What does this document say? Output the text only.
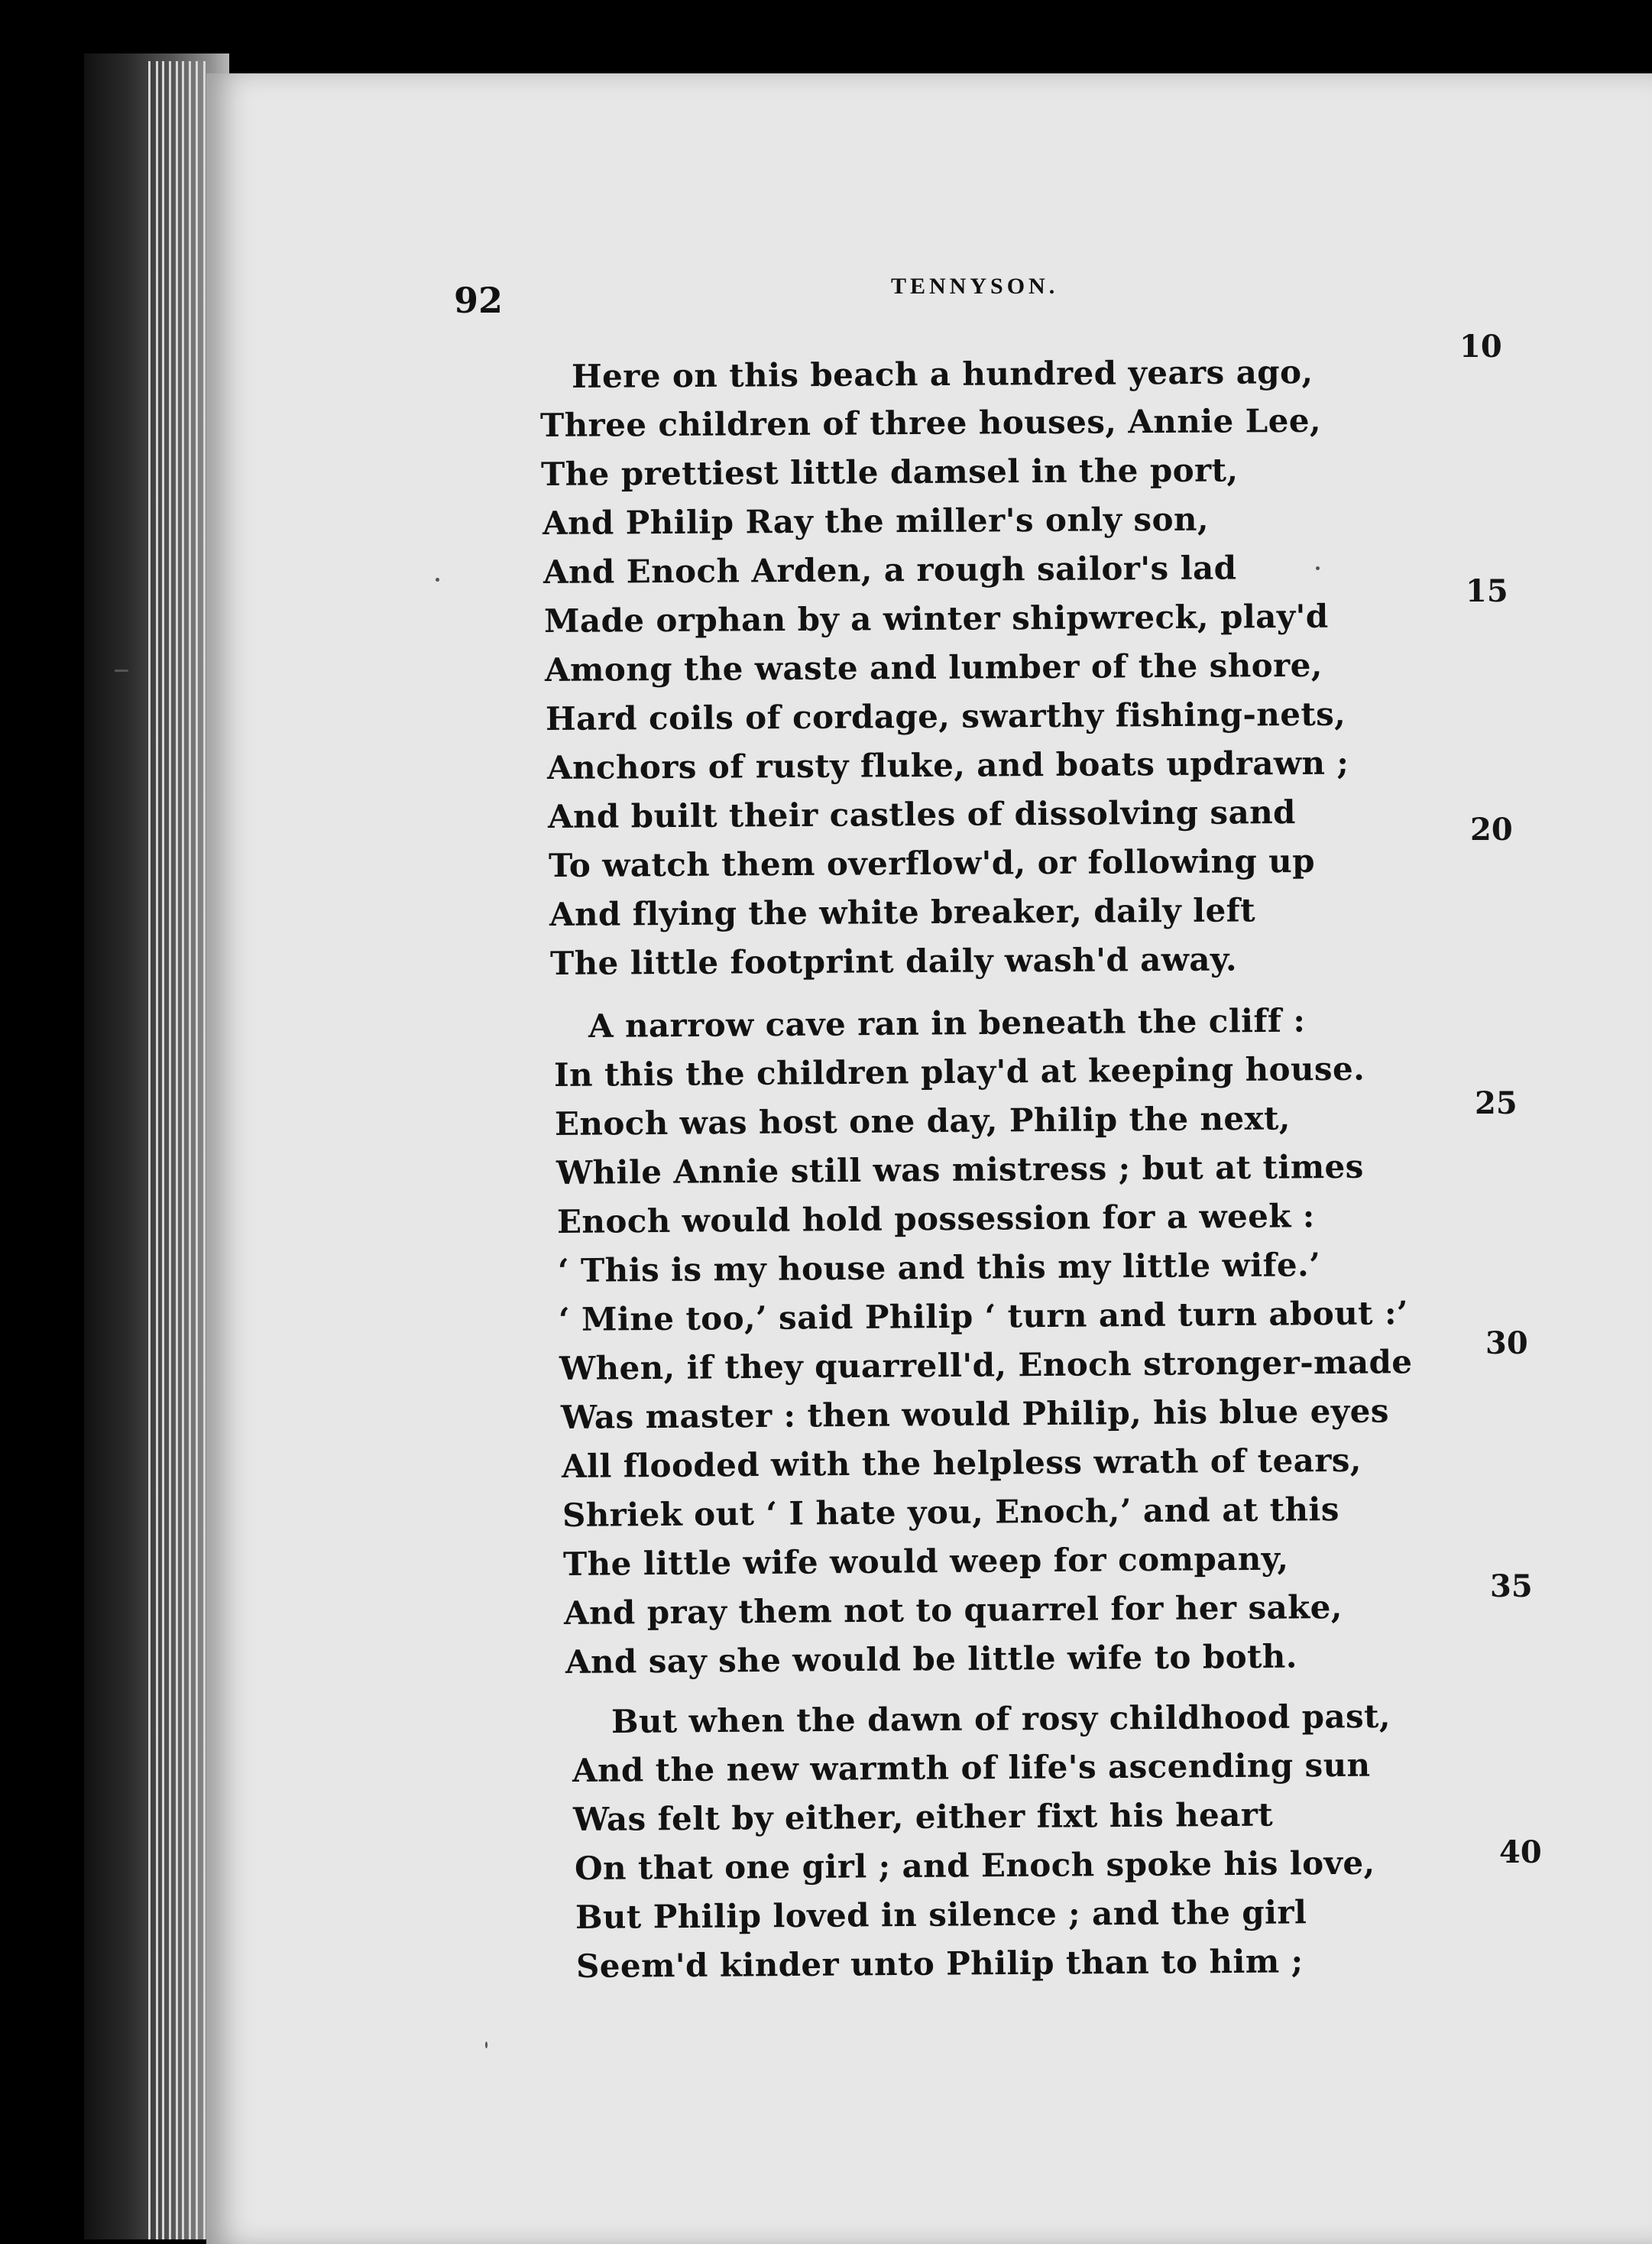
92	TENNYSON.
Here on this beach a hundred years ago,
Three children of three houses, Annie Lee,
The prettiest little damsel in the port,
And Philip Ray the miller's only son,
And Enoch Arden, a rough sailor's lad
Made orphan by a winter shipwreck, play'd
Among the waste and lumber of the shore,
Hard coils of cordage, swarthy fishing-nets,
Anchors of rusty fluke, and boats updrawn ;
And built their castles of dissolving sand
To watch them overflow'd, or following up
And flying the white breaker, daily left
The little footprint daily wash'd away.
A narrow cave ran in beneath the cliff :
In this the children play'd at keeping house.
Enoch was host one day, Philip the next,
While Annie still was mistress ; but at times
Enoch would hold possession for a week :
‘ This is my house and this my little wife.’
‘ Mine too,’ said Philip ‘ turn and turn about :’
When, if they quarrell'd, Enoch stronger-made
Was master : then would Philip, his blue eyes
All flooded with the helpless wrath of tears,
Shriek out ‘ I hate you, Enoch,’ and at this
The little wife would weep for company,
And pray them not to quarrel for her sake,
And say she would be little wife to both.
But when the dawn of rosy childhood past,
And the new warmth of life's ascending sun
Was felt by either, either fixt his heart
On that one girl ; and Enoch spoke his love,
But Philip loved in silence ; and the girl
Seem'd kinder unto Philip than to him ;
10
15
20
25
30
35
40
